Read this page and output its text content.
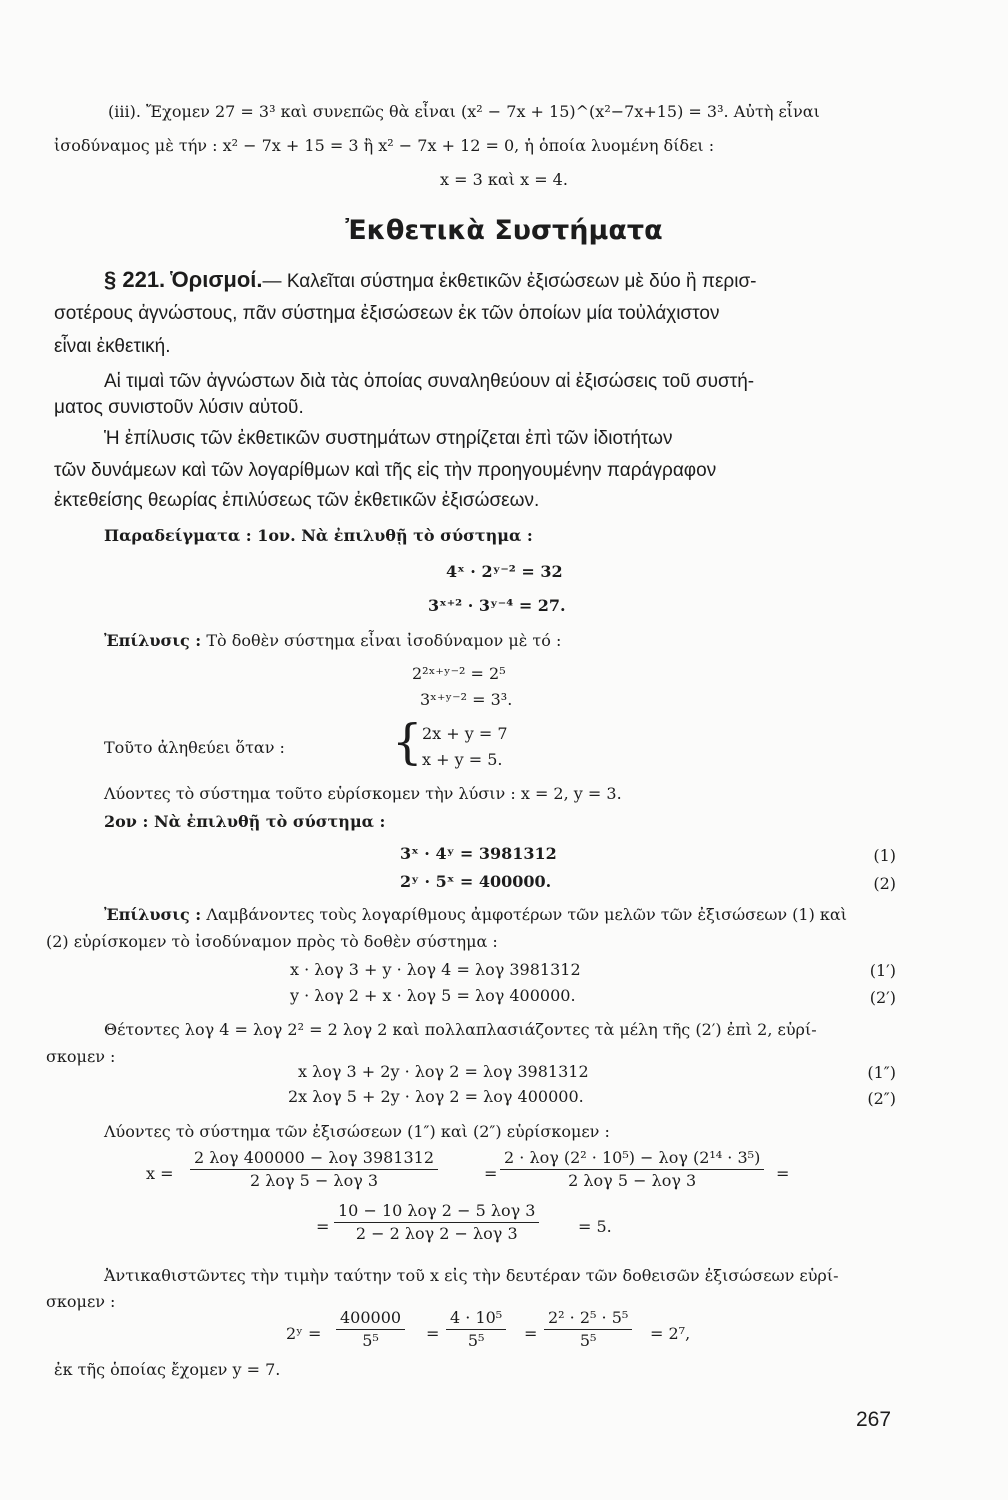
(iii). Ἔχομεν 27 = 3³ καὶ συνεπῶς θὰ εἶναι (x² − 7x + 15)^(x²−7x+15) = 3³. Αὐτὴ εἶναι
ἰσοδύναμος μὲ τήν : x² − 7x + 15 = 3 ἢ x² − 7x + 12 = 0, ἡ ὁποία λυομένη δίδει :
x = 3 καὶ x = 4.
Ἐκθετικὰ Συστήματα
§ 221. Ὁρισμοί.— Καλεῖται σύστημα ἐκθετικῶν ἐξισώσεων μὲ δύο ἢ περισ-
σοτέρους ἀγνώστους, πᾶν σύστημα ἐξισώσεων ἐκ τῶν ὁποίων μία τοὐλάχιστον
εἶναι ἐκθετική.
Αἱ τιμαὶ τῶν ἀγνώστων διὰ τὰς ὁποίας συναληθεύουν αἱ ἐξισώσεις τοῦ συστή-
ματος συνιστοῦν λύσιν αὐτοῦ.
Ἡ ἐπίλυσις τῶν ἐκθετικῶν συστημάτων στηρίζεται ἐπὶ τῶν ἰδιοτήτων
τῶν δυνάμεων καὶ τῶν λογαρίθμων καὶ τῆς εἰς τὴν προηγουμένην παράγραφον
ἐκτεθείσης θεωρίας ἐπιλύσεως τῶν ἐκθετικῶν ἐξισώσεων.
Παραδείγματα : 1ον. Νὰ ἐπιλυθῇ τὸ σύστημα :
4ˣ · 2ʸ⁻² = 32
3ˣ⁺² · 3ʸ⁻⁴ = 27.
Ἐπίλυσις : Τὸ δοθὲν σύστημα εἶναι ἰσοδύναμον μὲ τό :
2²ˣ⁺ʸ⁻² = 2⁵
3ˣ⁺ʸ⁻² = 3³.
Τοῦτο ἀληθεύει ὅταν : { 2x + y = 7
x + y = 5.
Λύοντες τὸ σύστημα τοῦτο εὑρίσκομεν τὴν λύσιν : x = 2, y = 3.
2ον : Νὰ ἐπιλυθῇ τὸ σύστημα :
3ˣ · 4ʸ = 3981312	(1)
2ʸ · 5ˣ = 400000.	(2)
Ἐπίλυσις : Λαμβάνοντες τοὺς λογαρίθμους ἀμφοτέρων τῶν μελῶν τῶν ἐξισώσεων (1) καὶ
(2) εὑρίσκομεν τὸ ἰσοδύναμον πρὸς τὸ δοθὲν σύστημα :
x · λογ 3 + y · λογ 4 = λογ 3981312	(1′)
y · λογ 2 + x · λογ 5 = λογ 400000.	(2′)
Θέτοντες λογ 4 = λογ 2² = 2 λογ 2 καὶ πολλαπλασιάζοντες τὰ μέλη τῆς (2′) ἐπὶ 2, εὑρί-
σκομεν :
x λογ 3 + 2y · λογ 2 = λογ 3981312	(1″)
2x λογ 5 + 2y · λογ 2 = λογ 400000.	(2″)
Λύοντες τὸ σύστημα τῶν ἐξισώσεων (1″) καὶ (2″) εὑρίσκομεν :
x =
2 λογ 400000 − λογ 3981312
2 λογ 5 − λογ 3	=
2 · λογ (2² · 10⁵) − λογ (2¹⁴ · 3⁵)
2 λογ 5 − λογ 3	=
=
10 − 10 λογ 2 − 5 λογ 3
2 − 2 λογ 2 − λογ 3	= 5.
Ἀντικαθιστῶντες τὴν τιμὴν ταύτην τοῦ x εἰς τὴν δευτέραν τῶν δοθεισῶν ἐξισώσεων εὑρί-
σκομεν :
2ʸ = $\frac{400000}{\text{5⁵}} = \frac{\text{4 · 10⁵}}{\text{5⁵}} = \frac{\text{2² · 2⁵ · 5⁵}}{\text{5⁵}} = 2^7$,
ἐκ τῆς ὁποίας ἔχομεν y = 7.
267
